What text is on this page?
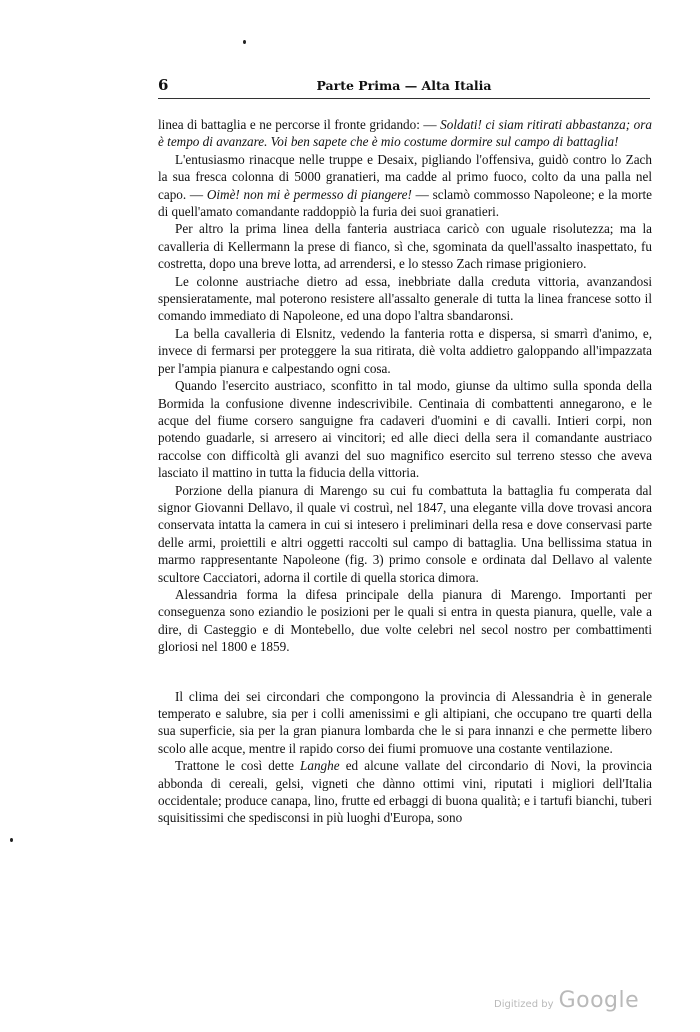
6	Parte Prima — Alta Italia

linea di battaglia e ne percorse il fronte gridando: — Soldati! ci siam ritirati abbastanza; ora è tempo di avanzare. Voi ben sapete che è mio costume dormire sul campo di battaglia!

L'entusiasmo rinacque nelle truppe e Desaix, pigliando l'offensiva, guidò contro lo Zach la sua fresca colonna di 5000 granatieri, ma cadde al primo fuoco, colto da una palla nel capo. — Oimè! non mi è permesso di piangere! — sclamò commosso Napoleone; e la morte di quell'amato comandante raddoppiò la furia dei suoi granatieri.

Per altro la prima linea della fanteria austriaca caricò con uguale risolutezza; ma la cavalleria di Kellermann la prese di fianco, sì che, sgominata da quell'assalto inaspettato, fu costretta, dopo una breve lotta, ad arrendersi, e lo stesso Zach rimase prigioniero.

Le colonne austriache dietro ad essa, inebbriate dalla creduta vittoria, avanzandosi spensieratamente, mal poterono resistere all'assalto generale di tutta la linea francese sotto il comando immediato di Napoleone, ed una dopo l'altra sbandaronsi.

La bella cavalleria di Elsnitz, vedendo la fanteria rotta e dispersa, si smarrì d'animo, e, invece di fermarsi per proteggere la sua ritirata, diè volta addietro galoppando all'impazzata per l'ampia pianura e calpestando ogni cosa.

Quando l'esercito austriaco, sconfitto in tal modo, giunse da ultimo sulla sponda della Bormida la confusione divenne indescrivibile. Centinaia di combattenti annegarono, e le acque del fiume corsero sanguigne fra cadaveri d'uomini e di cavalli. Intieri corpi, non potendo guadarle, si arresero ai vincitori; ed alle dieci della sera il comandante austriaco raccolse con difficoltà gli avanzi del suo magnifico esercito sul terreno stesso che aveva lasciato il mattino in tutta la fiducia della vittoria.

Porzione della pianura di Marengo su cui fu combattuta la battaglia fu comperata dal signor Giovanni Dellavo, il quale vi costruì, nel 1847, una elegante villa dove trovasi ancora conservata intatta la camera in cui si intesero i preliminari della resa e dove conservasi parte delle armi, proiettili e altri oggetti raccolti sul campo di battaglia. Una bellissima statua in marmo rappresentante Napoleone (fig. 3) primo console e ordinata dal Dellavo al valente scultore Cacciatori, adorna il cortile di quella storica dimora.

Alessandria forma la difesa principale della pianura di Marengo. Importanti per conseguenza sono eziandio le posizioni per le quali si entra in questa pianura, quelle, vale a dire, di Casteggio e di Montebello, due volte celebri nel secol nostro per combattimenti gloriosi nel 1800 e 1859.

Il clima dei sei circondari che compongono la provincia di Alessandria è in generale temperato e salubre, sia per i colli amenissimi e gli altipiani, che occupano tre quarti della sua superficie, sia per la gran pianura lombarda che le si para innanzi e che permette libero scolo alle acque, mentre il rapido corso dei fiumi promuove una costante ventilazione.

Trattone le così dette Langhe ed alcune vallate del circondario di Novi, la provincia abbonda di cereali, gelsi, vigneti che dànno ottimi vini, riputati i migliori dell'Italia occidentale; produce canapa, lino, frutte ed erbaggi di buona qualità; e i tartufi bianchi, tuberi squisitissimi che spedisconsi in più luoghi d'Europa, sono

Digitized by Google
